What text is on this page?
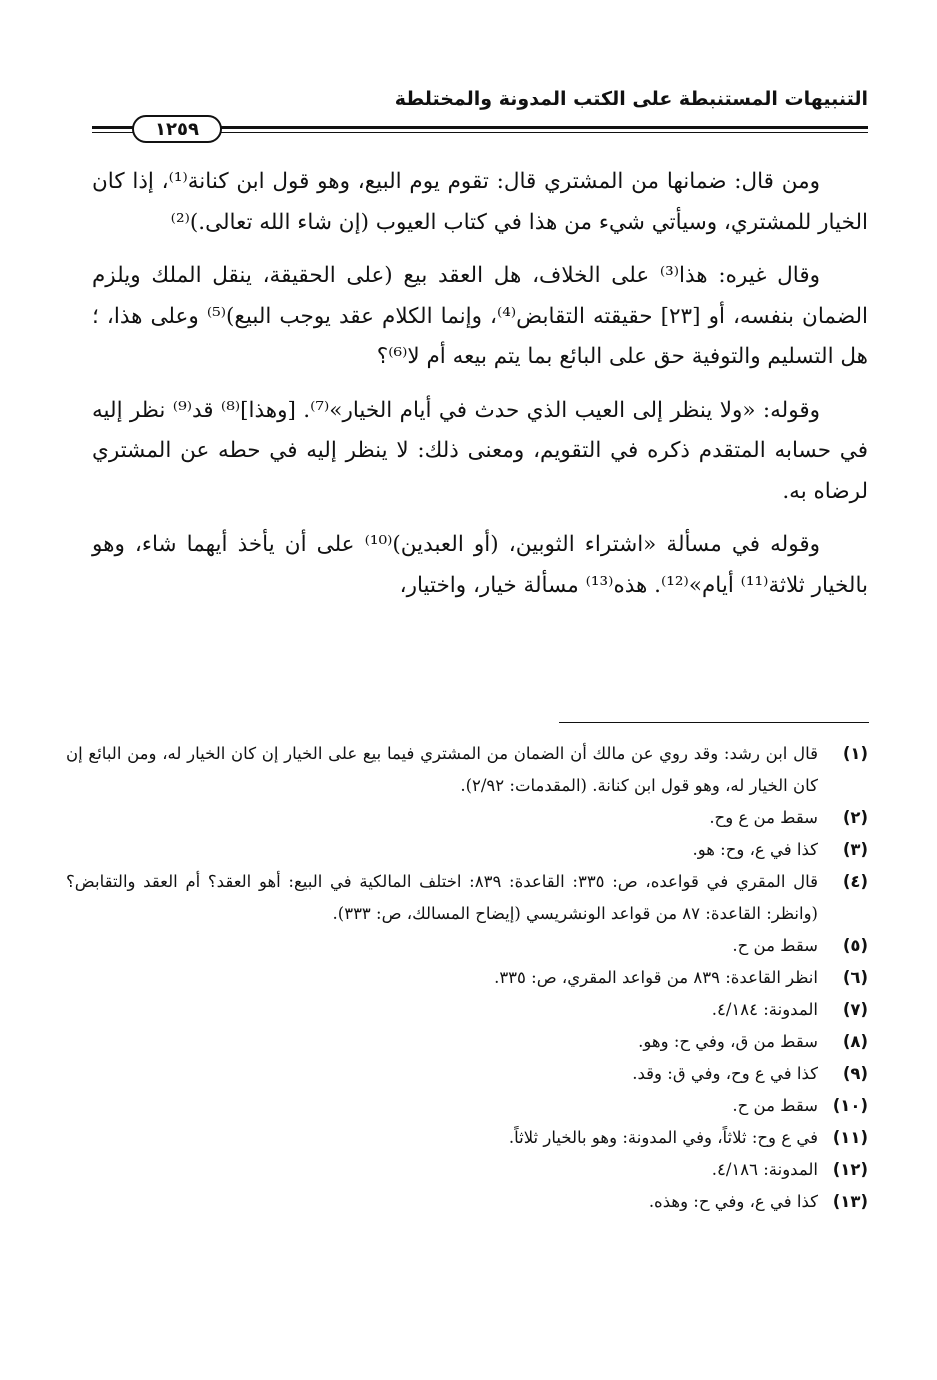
التنبيهات المستنبطة على الكتب المدونة والمختلطة
١٢٥٩

ومن قال: ضمانها من المشتري قال: تقوم يوم البيع، وهو قول ابن كنانة⁽¹⁾، إذا كان الخيار للمشتري، وسيأتي شيء من هذا في كتاب العيوب (إن شاء الله تعالى.)⁽²⁾

وقال غيره: هذا⁽³⁾ على الخلاف، هل العقد بيع (على الحقيقة، ينقل الملك ويلزم الضمان بنفسه، أو [٢٣] حقيقته التقابض⁽⁴⁾، وإنما الكلام عقد يوجب البيع)⁽⁵⁾ وعلى هذا، ؛ هل التسليم والتوفية حق على البائع بما يتم بيعه أم لا⁽⁶⁾؟

وقوله: «ولا ينظر إلى العيب الذي حدث في أيام الخيار»⁽⁷⁾. [وهذا]⁽⁸⁾ قد⁽⁹⁾ نظر إليه في حسابه المتقدم ذكره في التقويم، ومعنى ذلك: لا ينظر إليه في حطه عن المشتري لرضاه به.

وقوله في مسألة «اشتراء الثوبين، (أو العبدين)⁽¹⁰⁾ على أن يأخذ أيهما شاء، وهو بالخيار ثلاثة⁽¹¹⁾ أيام»⁽¹²⁾. هذه⁽¹³⁾ مسألة خيار، واختيار،

(١)
قال ابن رشد: وقد روي عن مالك أن الضمان من المشتري فيما بيع على الخيار إن كان الخيار له، ومن البائع إن كان الخيار له، وهو قول ابن كنانة. (المقدمات: ٢/٩٢).
(٢)
سقط من ع وح.
(٣)
كذا في ع، وح: هو.
(٤)
قال المقري في قواعده، ص: ٣٣٥: القاعدة: ٨٣٩: اختلف المالكية في البيع: أهو العقد؟ أم العقد والتقابض؟ (وانظر: القاعدة: ٨٧ من قواعد الونشريسي (إيضاح المسالك، ص: ٣٣٣).
(٥)
سقط من ح.
(٦)
انظر القاعدة: ٨٣٩ من قواعد المقري، ص: ٣٣٥.
(٧)
المدونة: ٤/١٨٤.
(٨)
سقط من ق، وفي ح: وهو.
(٩)
كذا في ع وح، وفي ق: وقد.
(١٠)
سقط من ح.
(١١)
في ع وح: ثلاثاً، وفي المدونة: وهو بالخيار ثلاثاً.
(١٢)
المدونة: ٤/١٨٦.
(١٣)
كذا في ع، وفي ح: وهذه.
